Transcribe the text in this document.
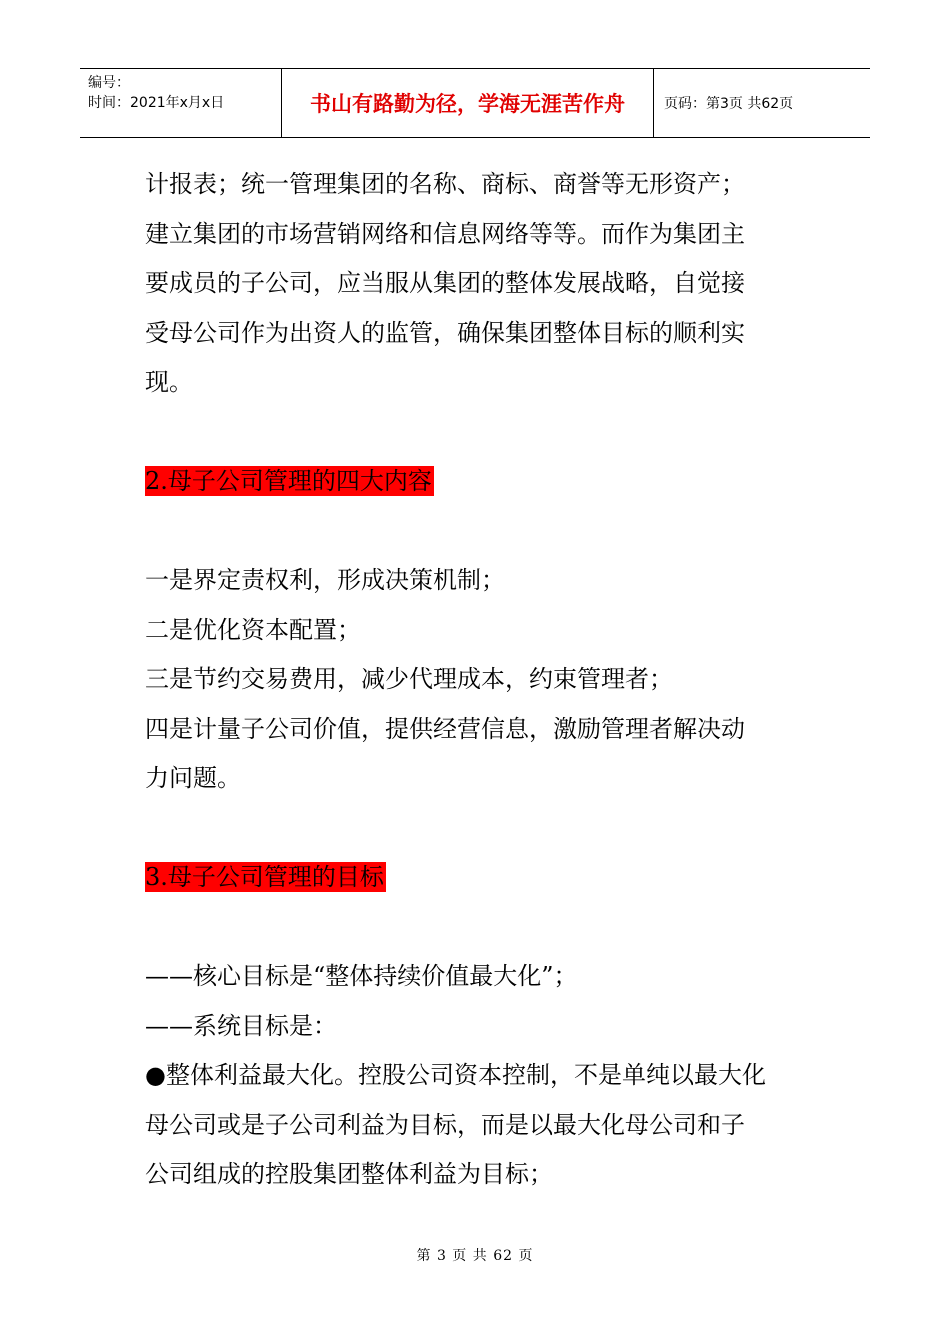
编号：
时间：2021年x月x日	书山有路勤为径，学海无涯苦作舟	页码：第3页 共62页

计报表；统一管理集团的名称、商标、商誉等无形资产；

建立集团的市场营销网络和信息网络等等。而作为集团主

要成员的子公司，应当服从集团的整体发展战略，自觉接

受母公司作为出资人的监管，确保集团整体目标的顺利实

现。

2.母子公司管理的四大内容

一是界定责权利，形成决策机制；

二是优化资本配置；

三是节约交易费用，减少代理成本，约束管理者；

四是计量子公司价值，提供经营信息，激励管理者解决动

力问题。

3.母子公司管理的目标

——核心目标是“整体持续价值最大化”；

——系统目标是：

●整体利益最大化。控股公司资本控制，不是单纯以最大化

母公司或是子公司利益为目标，而是以最大化母公司和子

公司组成的控股集团整体利益为目标；

第 3 页 共 62 页
